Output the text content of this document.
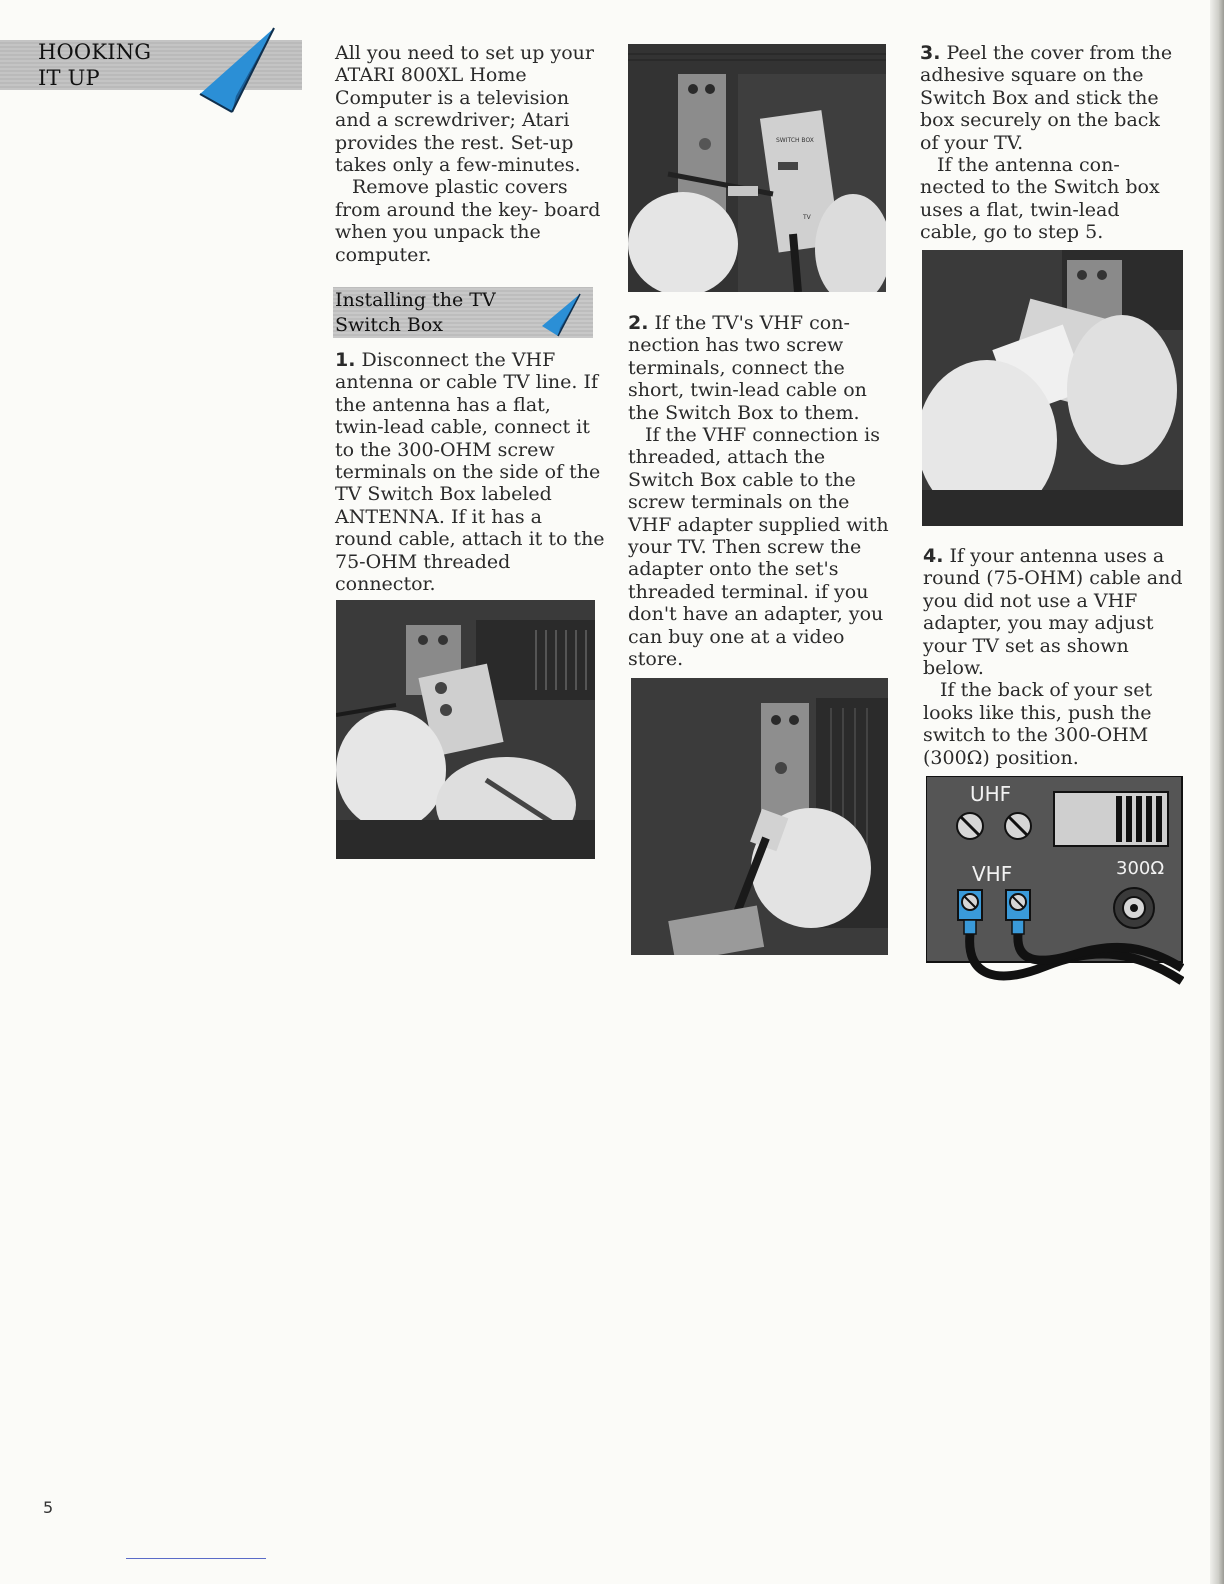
HOOKING
IT UP

All you need to set up your ATARI 800XL Home Computer is a television and a screwdriver; Atari provides the rest. Set-up takes only a few-minutes.

Remove plastic covers from around the key- board when you unpack the computer.

Installing the TV
Switch Box

1. Disconnect the VHF antenna or cable TV line. If the antenna has a flat, twin-lead cable, connect it to the 300-OHM screw terminals on the side of the TV Switch Box labeled ANTENNA. If it has a round cable, attach it to the 75-OHM threaded connector.

SWITCH BOX
TV

2. If the TV's VHF con- nection has two screw terminals, connect the short, twin-lead cable on the Switch Box to them.

If the VHF connection is threaded, attach the Switch Box cable to the screw terminals on the VHF adapter supplied with your TV. Then screw the adapter onto the set's threaded terminal. if you don't have an adapter, you can buy one at a video store.

3. Peel the cover from the adhesive square on the Switch Box and stick the box securely on the back of your TV.

If the antenna con- nected to the Switch box uses a flat, twin-lead cable, go to step 5.

4. If your antenna uses a round (75-OHM) cable and you did not use a VHF adapter, you may adjust your TV set as shown below.

If the back of your set looks like this, push the switch to the 300-OHM (300Ω) position.

UHF
VHF	300Ω
5
